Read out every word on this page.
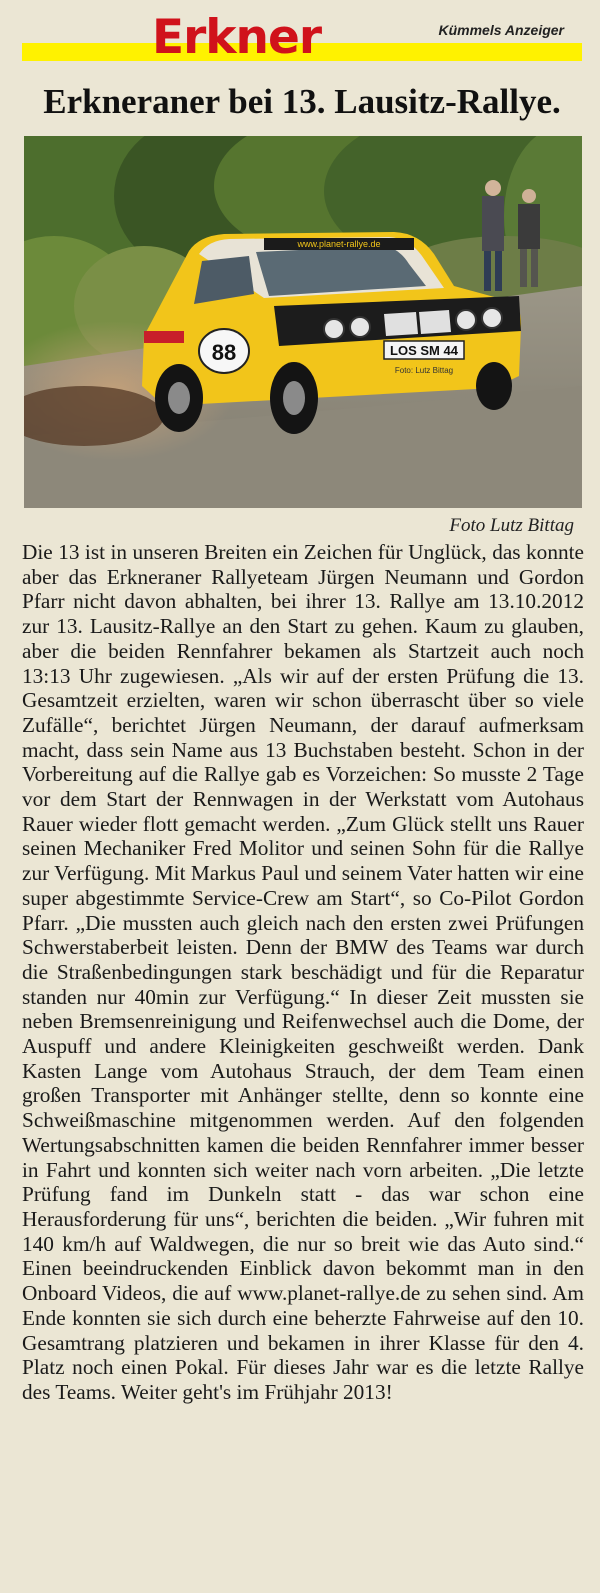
Erkner	Kümmels Anzeiger
Erkneraner bei 13. Lausitz-Rallye.
www.planet-rallye.de
LOS SM 44
Foto: Lutz Bittag
88
Foto Lutz Bittag
Die 13 ist in unseren Breiten ein Zeichen für Unglück, das konnte aber das Erkneraner Rallyeteam Jürgen Neumann und Gordon Pfarr nicht davon abhalten, bei ihrer 13. Rallye am 13.10.2012 zur 13. Lausitz-Rallye an den Start zu gehen. Kaum zu glauben, aber die beiden Rennfahrer bekamen als Startzeit auch noch 13:13 Uhr zugewiesen. „Als wir auf der ersten Prüfung die 13. Gesamtzeit erzielten, waren wir schon überrascht über so viele Zufälle“, berichtet Jürgen Neumann, der darauf aufmerksam macht, dass sein Name aus 13 Buchstaben besteht. Schon in der Vorbereitung auf die Rallye gab es Vorzeichen: So musste 2 Tage vor dem Start der Rennwagen in der Werkstatt vom Autohaus Rauer wieder flott gemacht werden. „Zum Glück stellt uns Rauer seinen Mechaniker Fred Molitor und seinen Sohn für die Rallye zur Verfügung. Mit Markus Paul und seinem Vater hatten wir eine super abgestimmte Service-Crew am Start“, so Co-Pilot Gordon Pfarr. „Die mussten auch gleich nach den ersten zwei Prüfungen Schwerstaberbeit leisten. Denn der BMW des Teams war durch die Straßenbedingungen stark beschädigt und für die Reparatur standen nur 40min zur Verfügung.“ In dieser Zeit mussten sie neben Bremsenreinigung und Reifenwechsel auch die Dome, der Auspuff und andere Kleinigkeiten geschweißt werden. Dank Kasten Lange vom Autohaus Strauch, der dem Team einen großen Transporter mit Anhänger stellte, denn so konnte eine Schweißmaschine mitgenommen werden. Auf den folgenden Wertungsabschnitten kamen die beiden Rennfahrer immer besser in Fahrt und konnten sich weiter nach vorn arbeiten. „Die letzte Prüfung fand im Dunkeln statt - das war schon eine Herausforderung für uns“, berichten die beiden. „Wir fuhren mit 140 km/h auf Waldwegen, die nur so breit wie das Auto sind.“ Einen beeindruckenden Einblick davon bekommt man in den Onboard Videos, die auf www.planet-rallye.de zu sehen sind. Am Ende konnten sie sich durch eine beherzte Fahrweise auf den 10. Gesamtrang platzieren und bekamen in ihrer Klasse für den 4. Platz noch einen Pokal. Für dieses Jahr war es die letzte Rallye des Teams. Weiter geht's im Frühjahr 2013!
